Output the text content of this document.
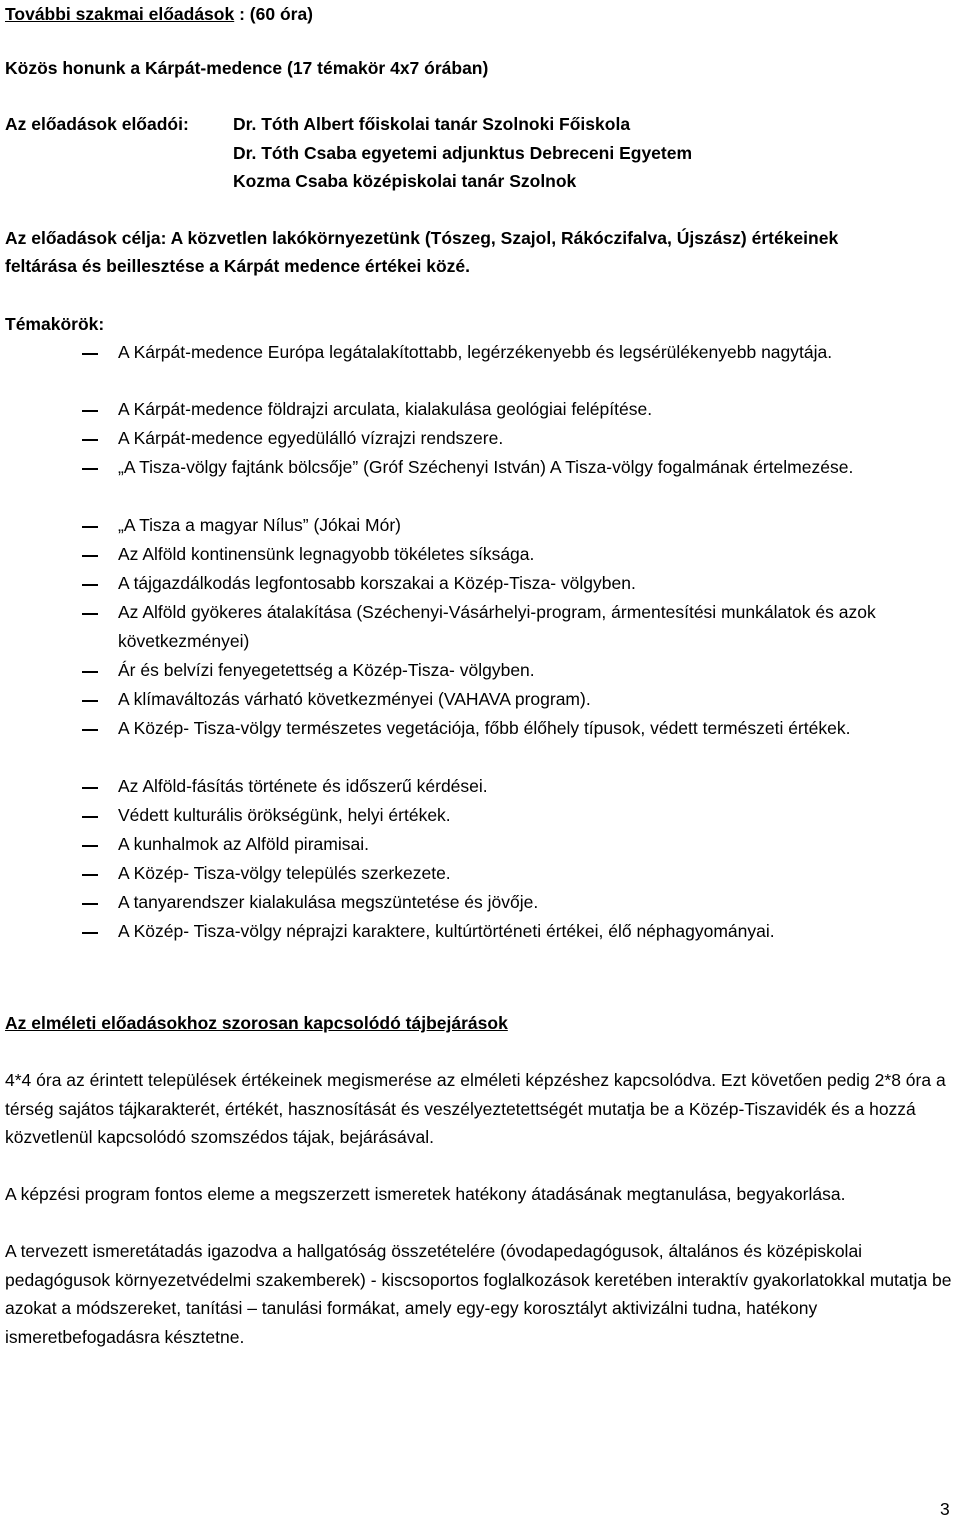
További szakmai előadások : (60 óra)
Közös honunk a Kárpát-medence (17 témakör 4x7 órában)
Az előadások előadói:	Dr. Tóth Albert főiskolai tanár Szolnoki Főiskola
Dr. Tóth Csaba egyetemi adjunktus Debreceni Egyetem
Kozma Csaba középiskolai tanár Szolnok
Az előadások célja: A közvetlen lakókörnyezetünk (Tószeg, Szajol, Rákóczifalva, Újszász) értékeinek
feltárása és beillesztése a Kárpát medence értékei közé.
Témakörök:
A Kárpát-medence Európa legátalakítottabb, legérzékenyebb és legsérülékenyebb nagytája.
A Kárpát-medence földrajzi arculata, kialakulása geológiai felépítése.
A Kárpát-medence egyedülálló vízrajzi rendszere.
„A Tisza-völgy fajtánk bölcsője” (Gróf Széchenyi István) A Tisza-völgy fogalmának értelmezése.
„A Tisza a magyar Nílus” (Jókai Mór)
Az Alföld kontinensünk legnagyobb tökéletes síksága.
A tájgazdálkodás legfontosabb korszakai a Közép-Tisza- völgyben.
Az Alföld gyökeres átalakítása (Széchenyi-Vásárhelyi-program, ármentesítési munkálatok és azok következményei)
Ár és belvízi fenyegetettség a Közép-Tisza- völgyben.
A klímaváltozás várható következményei (VAHAVA program).
A Közép- Tisza-völgy természetes vegetációja, főbb élőhely típusok, védett természeti értékek.
Az Alföld-fásítás története és időszerű kérdései.
Védett kulturális örökségünk, helyi értékek.
A kunhalmok az Alföld piramisai.
A Közép- Tisza-völgy település szerkezete.
A tanyarendszer kialakulása megszüntetése és jövője.
A Közép- Tisza-völgy néprajzi karaktere, kultúrtörténeti értékei, élő néphagyományai.
Az elméleti előadásokhoz szorosan kapcsolódó tájbejárások
4*4 óra az érintett települések értékeinek megismerése az elméleti képzéshez kapcsolódva. Ezt követően pedig 2*8 óra a térség sajátos tájkarakterét, értékét, hasznosítását és veszélyeztetettségét mutatja be a Közép-Tiszavidék és a hozzá közvetlenül kapcsolódó szomszédos tájak, bejárásával.
A képzési program fontos eleme a megszerzett ismeretek hatékony átadásának megtanulása, begyakorlása.
A tervezett ismeretátadás igazodva a hallgatóság összetételére (óvodapedagógusok, általános és középiskolai pedagógusok környezetvédelmi szakemberek) - kiscsoportos foglalkozások keretében interaktív gyakorlatokkal mutatja be azokat a módszereket, tanítási – tanulási formákat, amely egy-egy korosztályt aktivizálni tudna, hatékony ismeretbefogadásra késztetne.
3
